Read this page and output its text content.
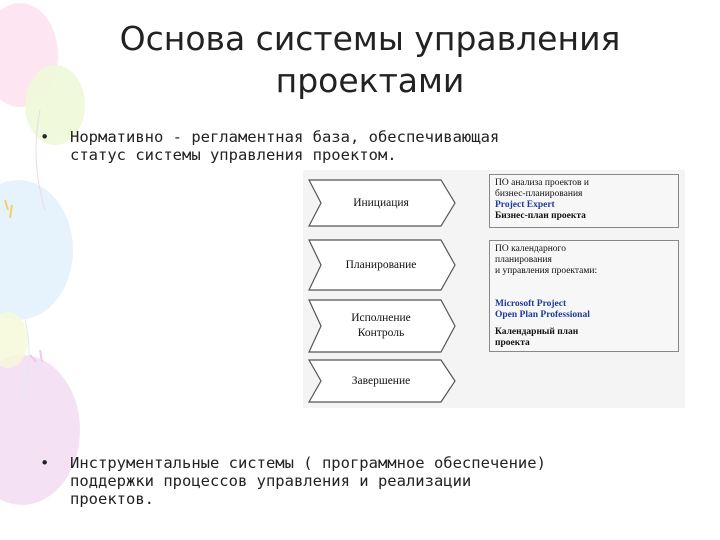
Основа системы управления
проектами
• Нормативно - регламентная база, обеспечивающая
статус системы управления проектом.
Инициация
Планирование
Исполнение
Контроль
Завершение
ПО анализа проектов и
бизнес-планирования
Project Expert
Бизнес-план проекта
ПО календарного
планирования
и управления проектами:
Microsoft Project
Open Plan Professional
Календарный план
проекта
• Инструментальные системы ( программное обеспечение)
поддержки процессов управления и реализации
проектов.
